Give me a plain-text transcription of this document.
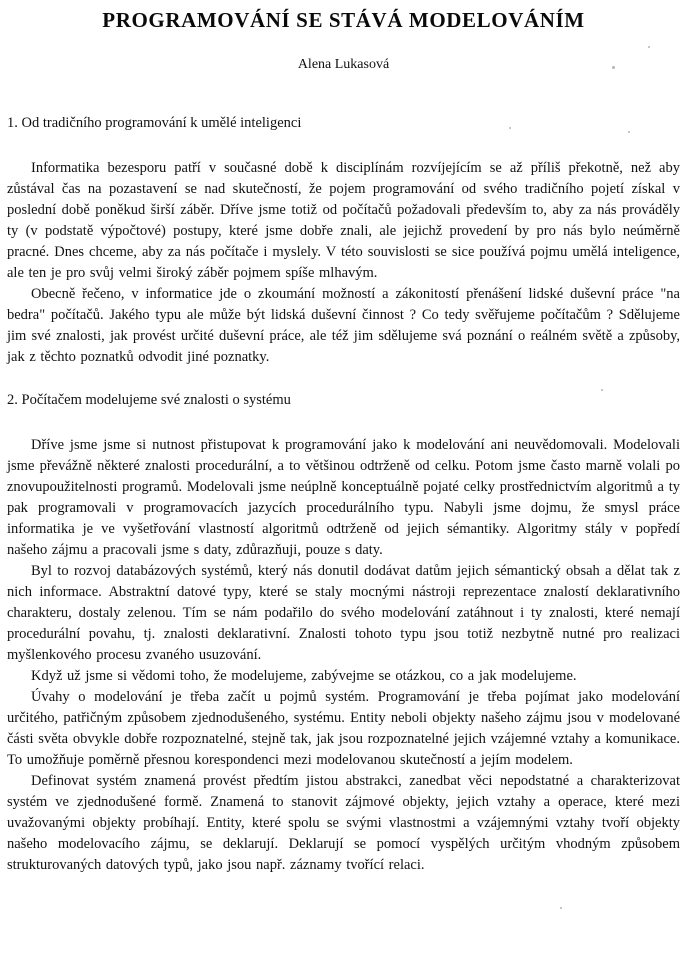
PROGRAMOVÁNÍ SE STÁVÁ MODELOVÁNÍM
Alena Lukasová
1. Od tradičního programování k umělé inteligenci

Informatika bezesporu patří v současné době k disciplínám rozvíjejícím se až příliš překotně, než aby zůstával čas na pozastavení se nad skutečností, že pojem programování od svého tradičního pojetí získal v poslední době poněkud širší záběr. Dříve jsme totiž od počítačů požadovali především to, aby za nás prováděly ty (v podstatě výpočtové) postupy, které jsme dobře znali, ale jejichž provedení by pro nás bylo neúměrně pracné. Dnes chceme, aby za nás počítače i myslely. V této souvislosti se sice používá pojmu umělá inteligence, ale ten je pro svůj velmi široký záběr pojmem spíše mlhavým.

Obecně řečeno, v informatice jde o zkoumání možností a zákonitostí přenášení lidské duševní práce "na bedra" počítačů. Jakého typu ale může být lidská duševní činnost ? Co tedy svěřujeme počítačům ? Sdělujeme jim své znalosti, jak provést určité duševní práce, ale též jim sdělujeme svá poznání o reálném světě a způsoby, jak z těchto poznatků odvodit jiné poznatky.

2. Počítačem modelujeme své znalosti o systému

Dříve jsme jsme si nutnost přistupovat k programování jako k modelování ani neuvědomovali. Modelovali jsme převážně některé znalosti procedurální, a to většinou odtrženě od celku. Potom jsme často marně volali po znovupoužitelnosti programů. Modelovali jsme neúplně konceptuálně pojaté celky prostřednictvím algoritmů a ty pak programovali v programovacích jazycích procedurálního typu. Nabyli jsme dojmu, že smysl práce informatika je ve vyšetřování vlastností algoritmů odtrženě od jejich sémantiky. Algoritmy stály v popředí našeho zájmu a pracovali jsme s daty, zdůrazňuji, pouze s daty.

Byl to rozvoj databázových systémů, který nás donutil dodávat datům jejich sémantický obsah a dělat tak z nich informace. Abstraktní datové typy, které se staly mocnými nástroji reprezentace znalostí deklarativního charakteru, dostaly zelenou. Tím se nám podařilo do svého modelování zatáhnout i ty znalosti, které nemají procedurální povahu, tj. znalosti deklarativní. Znalosti tohoto typu jsou totiž nezbytně nutné pro realizaci myšlenkového procesu zvaného usuzování.

Když už jsme si vědomi toho, že modelujeme, zabývejme se otázkou, co a jak modelujeme.

Úvahy o modelování je třeba začít u pojmů systém. Programování je třeba pojímat jako modelování určitého, patřičným způsobem zjednodušeného, systému. Entity neboli objekty našeho zájmu jsou v modelované části světa obvykle dobře rozpoznatelné, stejně tak, jak jsou rozpoznatelné jejich vzájemné vztahy a komunikace. To umožňuje poměrně přesnou korespondenci mezi modelovanou skutečností a jejím modelem.

Definovat systém znamená provést předtím jistou abstrakci, zanedbat věci nepodstatné a charakterizovat systém ve zjednodušené formě. Znamená to stanovit zájmové objekty, jejich vztahy a operace, které mezi uvažovanými objekty probíhají. Entity, které spolu se svými vlastnostmi a vzájemnými vztahy tvoří objekty našeho modelovacího zájmu, se deklarují. Deklarují se pomocí vyspělých určitým vhodným způsobem strukturovaných datových typů, jako jsou např. záznamy tvořící relaci.
